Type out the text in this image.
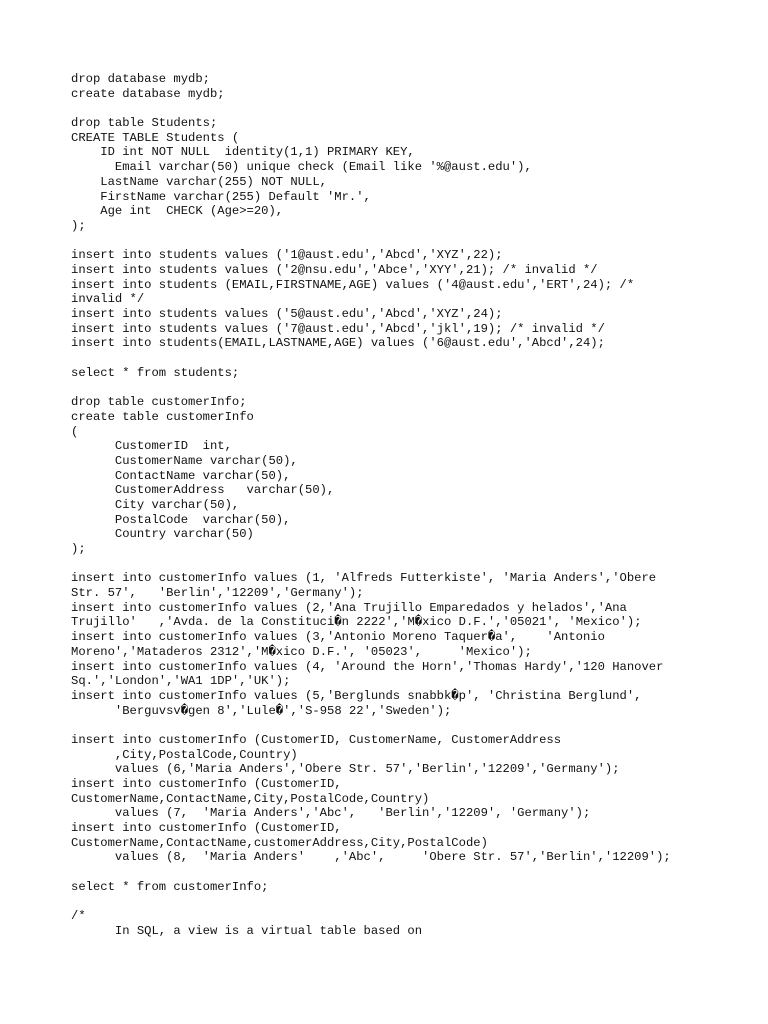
drop database mydb;
create database mydb;

drop table Students;
CREATE TABLE Students (
ID int NOT NULL  identity(1,1) PRIMARY KEY,
Email varchar(50) unique check (Email like '%@aust.edu'),
LastName varchar(255) NOT NULL,
FirstName varchar(255) Default 'Mr.',
Age int  CHECK (Age>=20),
);

insert into students values ('1@aust.edu','Abcd','XYZ',22);
insert into students values ('2@nsu.edu','Abce','XYY',21); /* invalid */
insert into students (EMAIL,FIRSTNAME,AGE) values ('4@aust.edu','ERT',24); /*
invalid */
insert into students values ('5@aust.edu','Abcd','XYZ',24);
insert into students values ('7@aust.edu','Abcd','jkl',19); /* invalid */
insert into students(EMAIL,LASTNAME,AGE) values ('6@aust.edu','Abcd',24);

select * from students;

drop table customerInfo;
create table customerInfo
(
CustomerID  int,
CustomerName varchar(50),
ContactName varchar(50),
CustomerAddress   varchar(50),
City varchar(50),
PostalCode  varchar(50),
Country varchar(50)
);

insert into customerInfo values (1, 'Alfreds Futterkiste', 'Maria Anders','Obere
Str. 57',   'Berlin','12209','Germany');
insert into customerInfo values (2,'Ana Trujillo Emparedados y helados','Ana
Trujillo'   ,'Avda. de la Constituci�n 2222','M�xico D.F.','05021', 'Mexico');
insert into customerInfo values (3,'Antonio Moreno Taquer�a',    'Antonio
Moreno','Mataderos 2312','M�xico D.F.', '05023',     'Mexico');
insert into customerInfo values (4, 'Around the Horn','Thomas Hardy','120 Hanover
Sq.','London','WA1 1DP','UK');
insert into customerInfo values (5,'Berglunds snabbk�p', 'Christina Berglund',
'Berguvsv�gen 8','Lule�','S-958 22','Sweden');

insert into customerInfo (CustomerID, CustomerName, CustomerAddress
,City,PostalCode,Country)
values (6,'Maria Anders','Obere Str. 57','Berlin','12209','Germany');
insert into customerInfo (CustomerID,
CustomerName,ContactName,City,PostalCode,Country)
values (7,  'Maria Anders','Abc',   'Berlin','12209', 'Germany');
insert into customerInfo (CustomerID,
CustomerName,ContactName,customerAddress,City,PostalCode)
values (8,  'Maria Anders'    ,'Abc',     'Obere Str. 57','Berlin','12209');

select * from customerInfo;

/*
In SQL, a view is a virtual table based on
